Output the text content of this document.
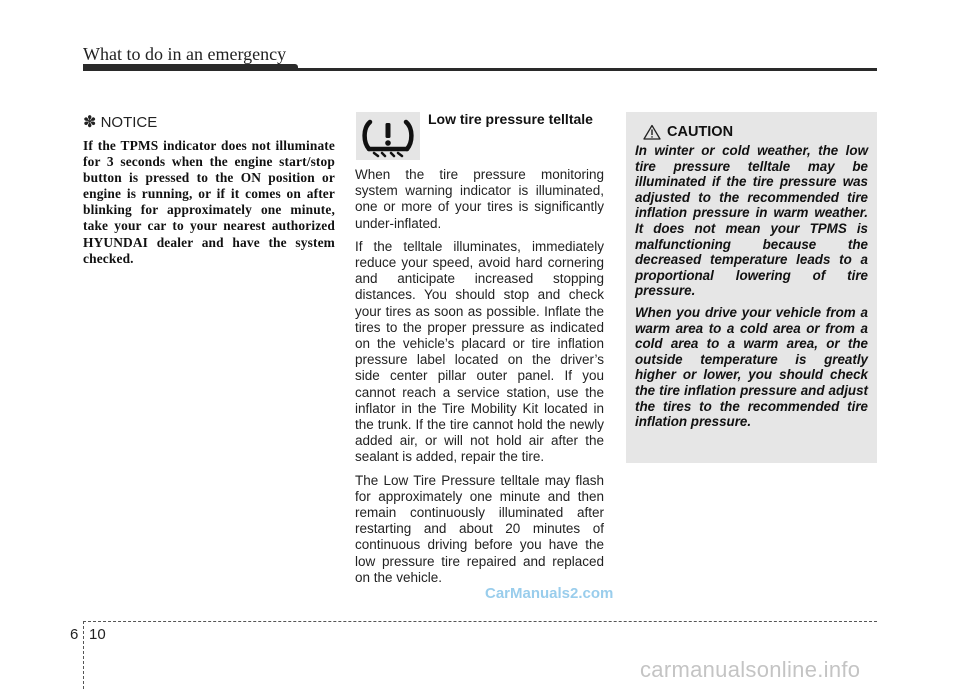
What to do in an emergency
✽ NOTICE

If the TPMS indicator does not illuminate for 3 seconds when the engine start/stop button is pressed to the ON position or engine is running, or if it comes on after blinking for approximately one minute, take your car to your nearest authorized HYUNDAI dealer and have the system checked.

Low tire pressure telltale

When the tire pressure monitoring system warning indicator is illuminated, one or more of your tires is significantly under-inflated.

If the telltale illuminates, immediately reduce your speed, avoid hard cornering and anticipate increased stopping distances. You should stop and check your tires as soon as possible. Inflate the tires to the proper pressure as indicated on the vehicle’s placard or tire inflation pressure label located on the driver’s side center pillar outer panel. If you cannot reach a service station, use the inflator in the Tire Mobility Kit located in the trunk. If the tire cannot hold the newly added air, or will not hold air after the sealant is added, repair the tire.

The Low Tire Pressure telltale may flash for approximately one minute and then remain continuously illuminated after restarting and about 20 minutes of continuous driving before you have the low pressure tire repaired and replaced on the vehicle.

CAUTION

In winter or cold weather, the low tire pressure telltale may be illuminated if the tire pressure was adjusted to the recommended tire inflation pressure in warm weather. It does not mean your TPMS is malfunctioning because the decreased temperature leads to a proportional lowering of tire pressure.

When you drive your vehicle from a warm area to a cold area or from a cold area to a warm area, or the outside temperature is greatly higher or lower, you should check the tire inflation pressure and adjust the tires to the recommended tire inflation pressure.

CarManuals2.com
6 10
carmanualsonline.info
